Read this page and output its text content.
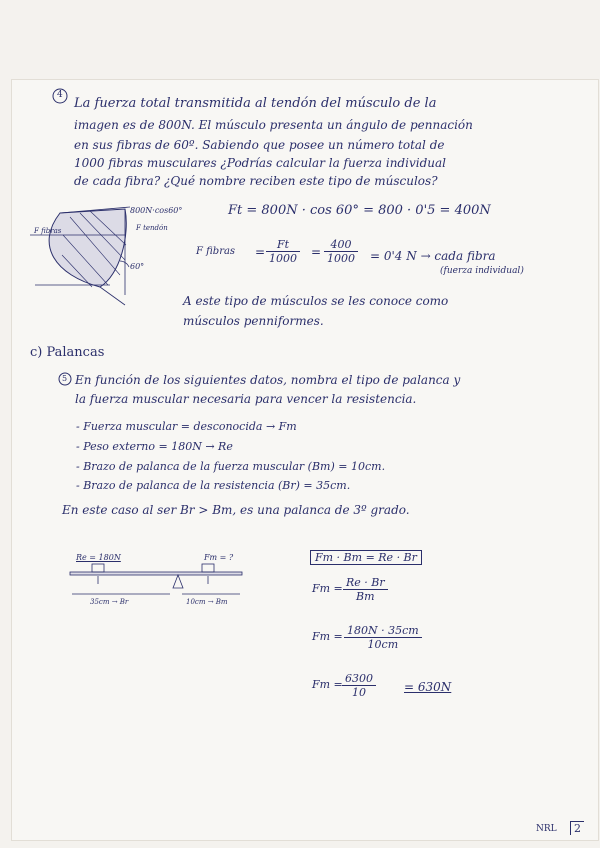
4
La fuerza total transmitida al tendón del músculo de la
imagen es de 800N. El músculo presenta un ángulo de pennación
en sus fibras de 60º. Sabiendo que posee un número total de
1000 fibras musculares ¿Podrías calcular la fuerza individual
de cada fibra? ¿Qué nombre reciben este tipo de músculos?
800N·cos60°
F fibras	F tendón
60°
Ft = 800N · cos 60° = 800 · 0'5 = 400N
F fibras = $\frac{Ft}{1000} = \frac{400}{1000} = 0'4$ N → cada fibra
(fuerza individual)
A este tipo de músculos se les conoce como
músculos penniformes.
c) Palancas
5 En función de los siguientes datos, nombra el tipo de palanca y
la fuerza muscular necesaria para vencer la resistencia.
- Fuerza muscular = desconocida → Fm
- Peso externo = 180N → Re
- Brazo de palanca de la fuerza muscular (Bm) = 10cm.
- Brazo de palanca de la resistencia (Br) = 35cm.
En este caso al ser Br > Bm, es una palanca de 3º grado.
Re = 180N	Fm = ?
35cm → Br	10cm → Bm
Fm · Bm = Re · Br
$Fm = \frac{Re \cdot Br}{Bm}$
$Fm = \frac{180N \cdot 35cm}{10cm}$
$Fm = \frac{6300}{10} = 630N$
NRL	2
